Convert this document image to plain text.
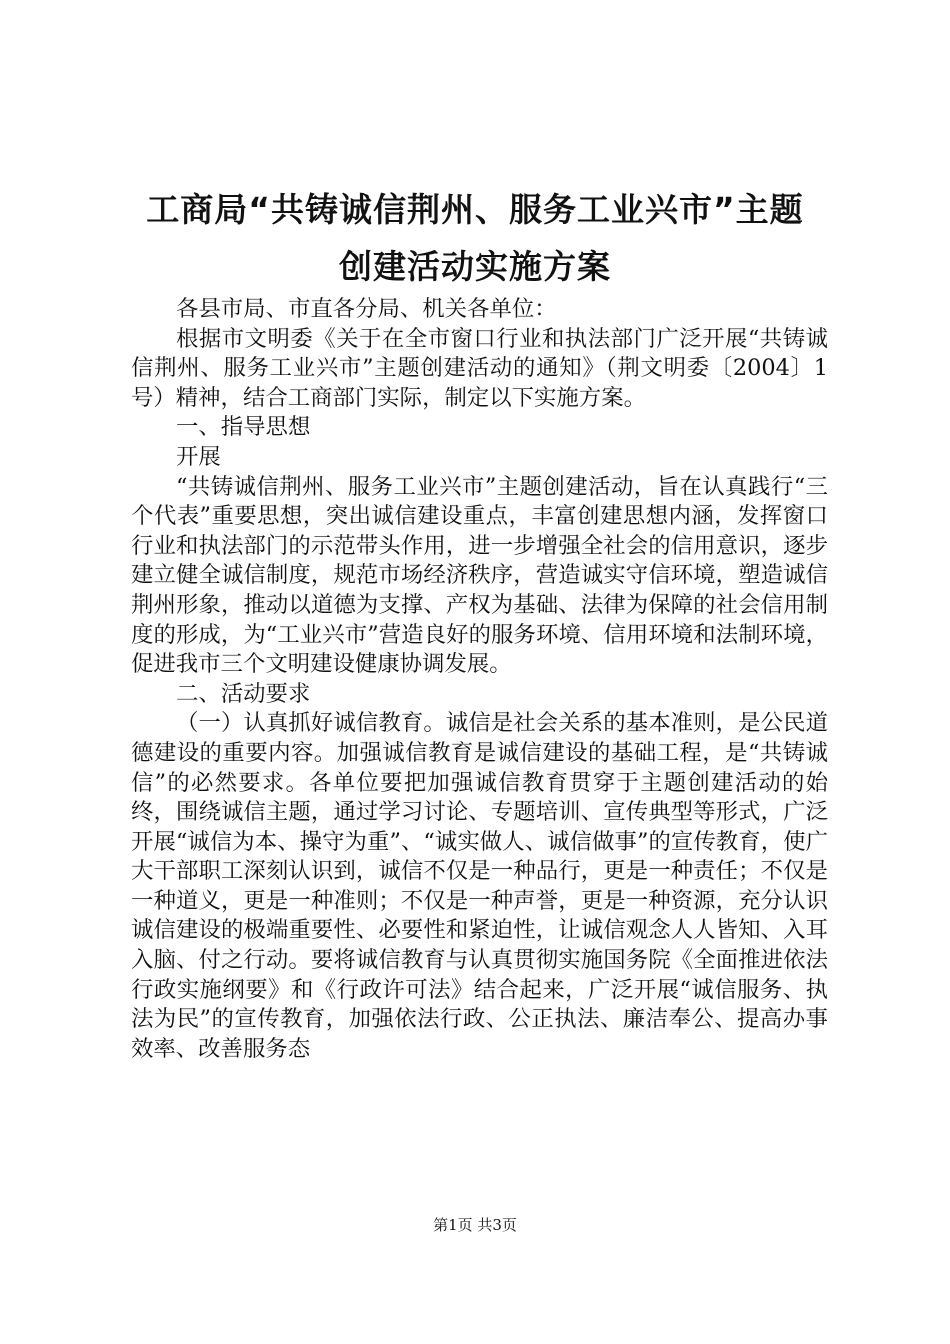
工商局“共铸诚信荆州、服务工业兴市”主题
创建活动实施方案

各县市局、市直各分局、机关各单位：

根据市文明委《关于在全市窗口行业和执法部门广泛开展“共铸诚信荆州、服务工业兴市”主题创建活动的通知》（荆文明委〔2004〕1号）精神，结合工商部门实际，制定以下实施方案。

一、指导思想

开展

“共铸诚信荆州、服务工业兴市”主题创建活动，旨在认真践行“三个代表”重要思想，突出诚信建设重点，丰富创建思想内涵，发挥窗口行业和执法部门的示范带头作用，进一步增强全社会的信用意识，逐步建立健全诚信制度，规范市场经济秩序，营造诚实守信环境，塑造诚信荆州形象，推动以道德为支撑、产权为基础、法律为保障的社会信用制度的形成，为“工业兴市”营造良好的服务环境、信用环境和法制环境，促进我市三个文明建设健康协调发展。

二、活动要求

（一）认真抓好诚信教育。诚信是社会关系的基本准则，是公民道德建设的重要内容。加强诚信教育是诚信建设的基础工程，是“共铸诚信”的必然要求。各单位要把加强诚信教育贯穿于主题创建活动的始终，围绕诚信主题，通过学习讨论、专题培训、宣传典型等形式，广泛开展“诚信为本、操守为重”、“诚实做人、诚信做事”的宣传教育，使广大干部职工深刻认识到，诚信不仅是一种品行，更是一种责任；不仅是一种道义，更是一种准则；不仅是一种声誉，更是一种资源，充分认识诚信建设的极端重要性、必要性和紧迫性，让诚信观念人人皆知、入耳入脑、付之行动。要将诚信教育与认真贯彻实施国务院《全面推进依法行政实施纲要》和《行政许可法》结合起来，广泛开展“诚信服务、执法为民”的宣传教育，加强依法行政、公正执法、廉洁奉公、提高办事效率、改善服务态

第1页 共3页
